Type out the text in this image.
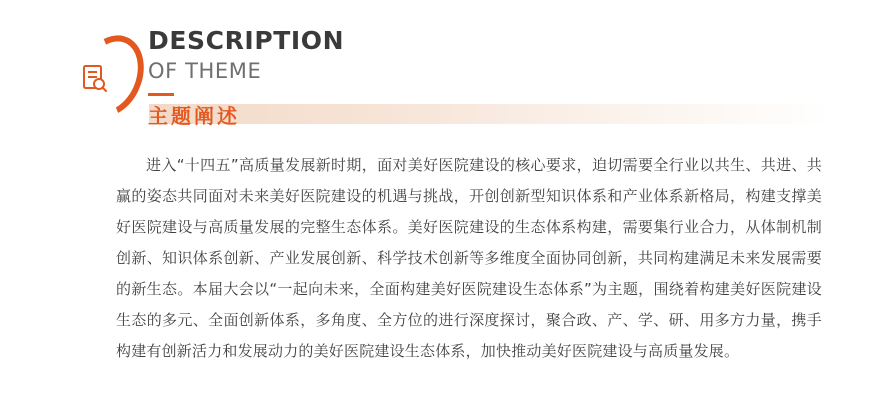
DESCRIPTION
OF THEME
主题阐述

进入“十四五”高质量发展新时期，面对美好医院建设的核心要求，迫切需要全行业以共生、共进、共赢的姿态共同面对未来美好医院建设的机遇与挑战，开创创新型知识体系和产业体系新格局，构建支撑美好医院建设与高质量发展的完整生态体系。美好医院建设的生态体系构建，需要集行业合力，从体制机制创新、知识体系创新、产业发展创新、科学技术创新等多维度全面协同创新，共同构建满足未来发展需要的新生态。本届大会以“一起向未来，全面构建美好医院建设生态体系”为主题，围绕着构建美好医院建设生态的多元、全面创新体系，多角度、全方位的进行深度探讨，聚合政、产、学、研、用多方力量，携手构建有创新活力和发展动力的美好医院建设生态体系，加快推动美好医院建设与高质量发展。
